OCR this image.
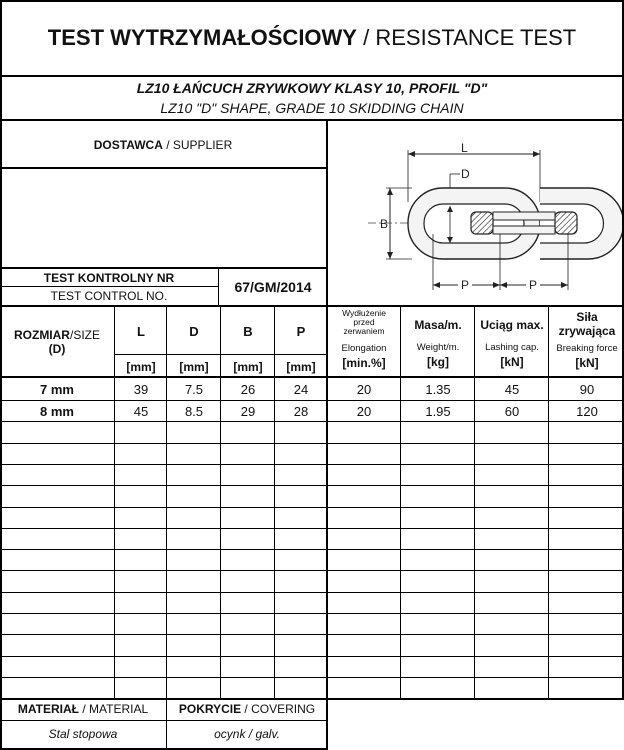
TEST WYTRZYMAŁOŚCIOWY / RESISTANCE TEST
LZ10 ŁAŃCUCH ZRYWKOWY KLASY 10, PROFIL "D"
LZ10 "D" SHAPE, GRADE 10 SKIDDING CHAIN
DOSTAWCA / SUPPLIER
TEST KONTROLNY NR
TEST CONTROL NO.
67/GM/2014
L
D
B
P	P
ROZMIAR/SIZE
(D)
L	D	B	P
[mm]	[mm]	[mm]	[mm]
Wydłużenie
przed
zerwaniem
Elongation
[min.%]
Masa/m.
Weight/m.
[kg]
Uciąg max.
Lashing cap.
[kN]
Siła
zrywająca
Breaking force
[kN]
7 mm	39	7.5	26	24	20	1.35	45	90
8 mm	45	8.5	29	28	20	1.95	60	120
MATERIAŁ / MATERIAL
Stal stopowa
POKRYCIE / COVERING
ocynk / galv.
